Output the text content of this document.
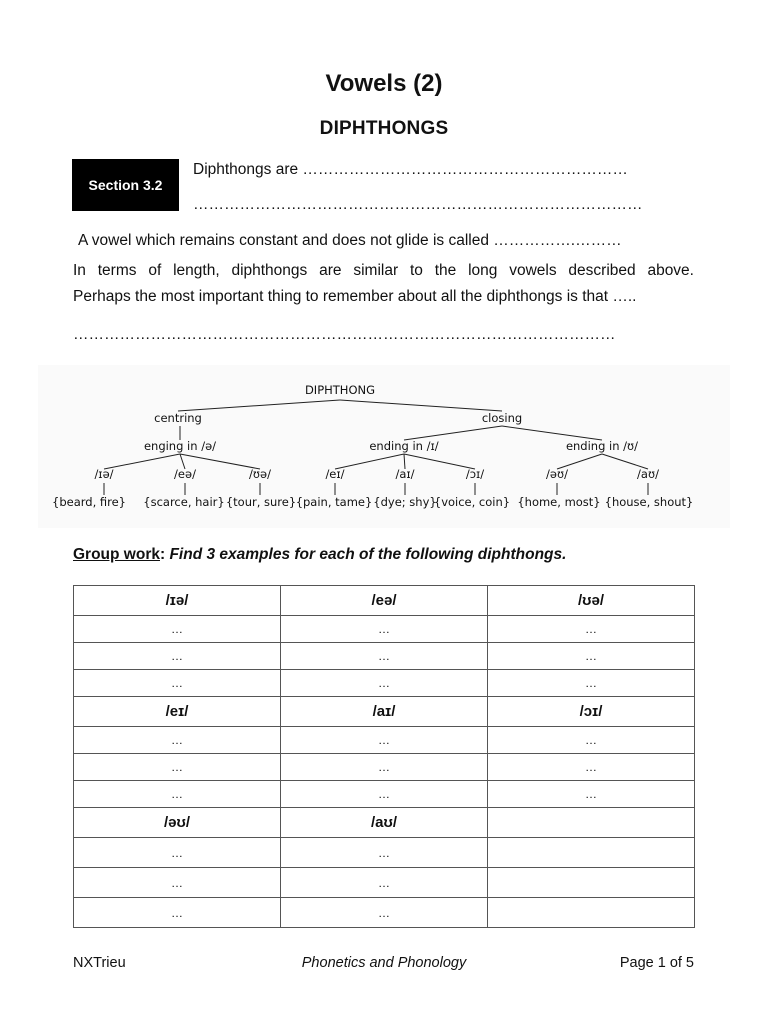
Vowels (2)
DIPHTHONGS
Section 3.2
Diphthongs are ………………………………………………………
……………………………………………………………………………
A vowel which remains constant and does not glide is called …………….………
In terms of length, diphthongs are similar to the long vowels described above.
Perhaps the most important thing to remember about all the diphthongs is that …..
……………………………………………………………………………………………
DIPHTHONG
centring	closing
enging in /ə/	ending in /ɪ/	ending in /ʊ/
/ɪə/	/eə/	/ʊə/	/eɪ/	/aɪ/	/ɔɪ/	/əʊ/	/aʊ/
{beard, fire} {scarce, hair} {tour, sure} {pain, tame} {dye; shy}
{voice, coin} {home, most} {house, shout}
Group work: Find 3 examples for each of the following diphthongs.
/ɪə/	/eə/	/ʊə/
…	…	…
…	…	…
…	…	…
/eɪ/	/aɪ/	/ɔɪ/
…	…	…
…	…	…
…	…	…
/əʊ/	/aʊ/	
…	…	
…	…	
…	…	
NXTrieu	Phonetics and Phonology	Page 1 of 5
